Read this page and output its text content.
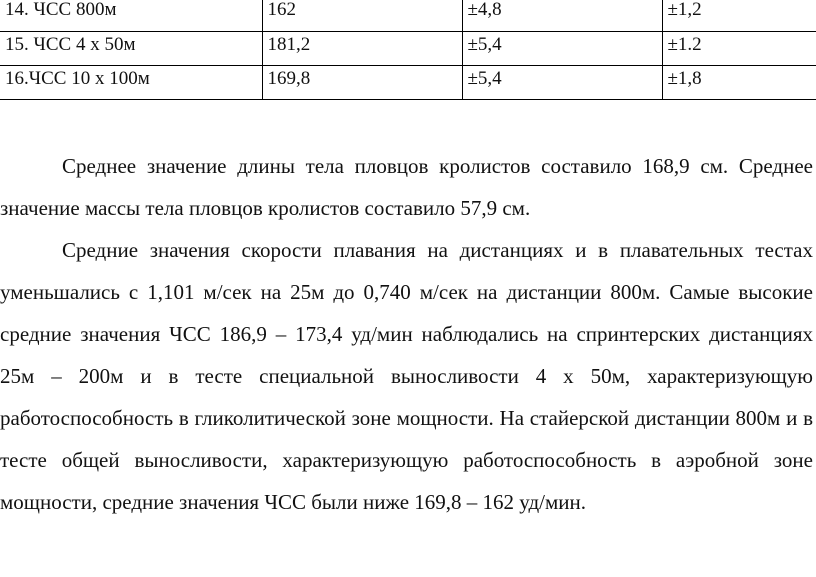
14. ЧСС 800м	162	±4,8	±1,2
15. ЧСС 4 х 50м	181,2	±5,4	±1.2
16.ЧСС 10 х 100м	169,8	±5,4	±1,8

Среднее значение длины тела пловцов кролистов составило 168,9 см. Среднее значение массы тела пловцов кролистов составило 57,9 см.

Средние значения скорости плавания на дистанциях и в плавательных тестах уменьшались с 1,101 м/сек на 25м до 0,740 м/сек на дистанции 800м. Самые высокие средние значения ЧСС 186,9 – 173,4 уд/мин наблюдались на спринтерских дистанциях 25м – 200м и в тесте специальной выносливости 4 х 50м, характеризующую работоспособность в гликолитической зоне мощности. На стайерской дистанции 800м и в тесте общей выносливости, характеризующую работоспособность в аэробной зоне мощности, средние значения ЧСС были ниже 169,8 – 162 уд/мин.
